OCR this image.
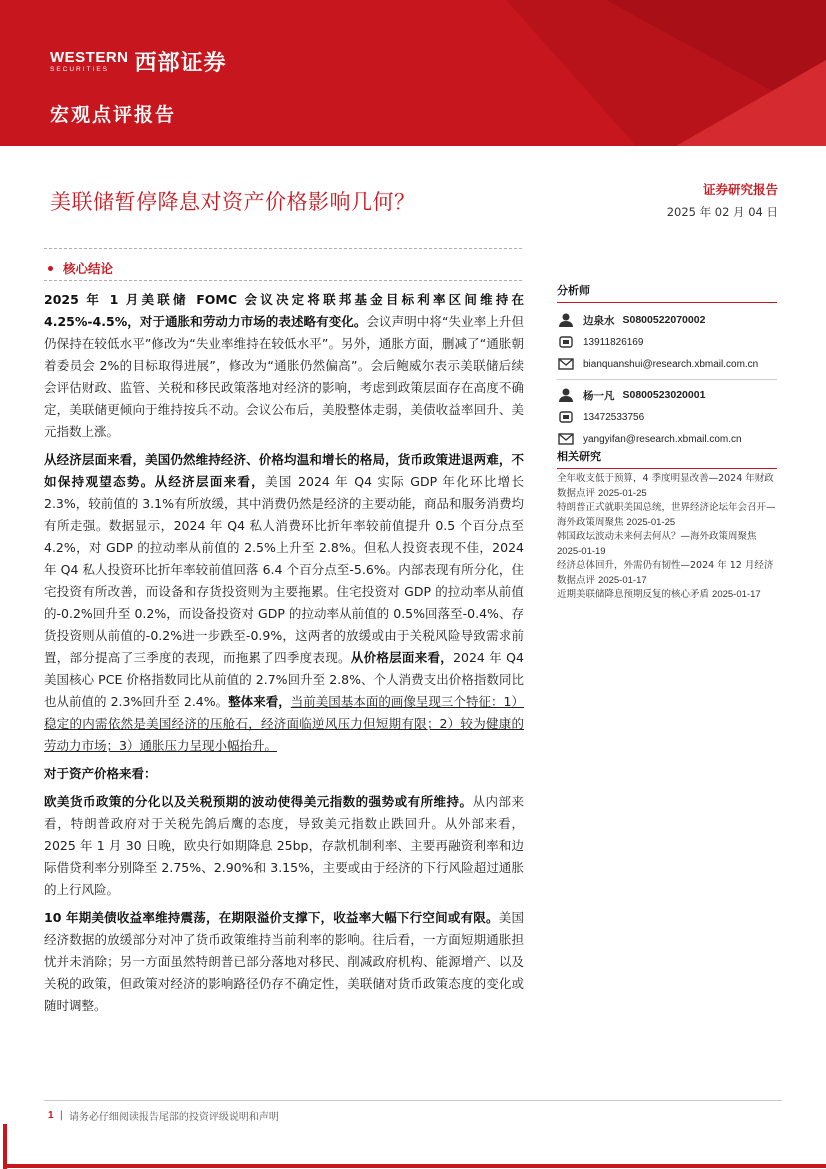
WESTERN
SECURITIES	西部证券
宏观点评报告
美联储暂停降息对资产价格影响几何？
证券研究报告
2025 年 02 月 04 日
核心结论

2025 年 1 月美联储 FOMC 会议决定将联邦基金目标利率区间维持在 4.25%-4.5%，对于通胀和劳动力市场的表述略有变化。会议声明中将“失业率上升但仍保持在较低水平”修改为“失业率维持在较低水平”。另外，通胀方面，删减了“通胀朝着委员会 2%的目标取得进展”，修改为“通胀仍然偏高”。会后鲍威尔表示美联储后续会评估财政、监管、关税和移民政策落地对经济的影响，考虑到政策层面存在高度不确定，美联储更倾向于维持按兵不动。会议公布后，美股整体走弱，美债收益率回升、美元指数上涨。

从经济层面来看，美国仍然维持经济、价格均温和增长的格局，货币政策进退两难，不如保持观望态势。从经济层面来看，美国 2024 年 Q4 实际 GDP 年化环比增长 2.3%，较前值的 3.1%有所放缓，其中消费仍然是经济的主要动能，商品和服务消费均有所走强。数据显示，2024 年 Q4 私人消费环比折年率较前值提升 0.5 个百分点至 4.2%，对 GDP 的拉动率从前值的 2.5%上升至 2.8%。但私人投资表现不佳，2024 年 Q4 私人投资环比折年率较前值回落 6.4 个百分点至-5.6%。内部表现有所分化，住宅投资有所改善，而设备和存货投资则为主要拖累。住宅投资对 GDP 的拉动率从前值的-0.2%回升至 0.2%，而设备投资对 GDP 的拉动率从前值的 0.5%回落至-0.4%、存货投资则从前值的-0.2%进一步跌至-0.9%，这两者的放缓或由于关税风险导致需求前置，部分提高了三季度的表现，而拖累了四季度表现。从价格层面来看，2024 年 Q4 美国核心 PCE 价格指数同比从前值的 2.7%回升至 2.8%、个人消费支出价格指数同比也从前值的 2.3%回升至 2.4%。整体来看，当前美国基本面的画像呈现三个特征：1）稳定的内需依然是美国经济的压舱石，经济面临逆风压力但短期有限；2）较为健康的劳动力市场；3）通胀压力呈现小幅抬升。

对于资产价格来看：

欧美货币政策的分化以及关税预期的波动使得美元指数的强势或有所维持。从内部来看，特朗普政府对于关税先鸽后鹰的态度，导致美元指数止跌回升。从外部来看，2025 年 1 月 30 日晚，欧央行如期降息 25bp，存款机制利率、主要再融资利率和边际借贷利率分别降至 2.75%、2.90%和 3.15%，主要或由于经济的下行风险超过通胀的上行风险。

10 年期美债收益率维持震荡，在期限溢价支撑下，收益率大幅下行空间或有限。美国经济数据的放缓部分对冲了货币政策维持当前利率的影响。往后看，一方面短期通胀担忧并未消除；另一方面虽然特朗普已部分落地对移民、削减政府机构、能源增产、以及关税的政策，但政策对经济的影响路径仍存不确定性，美联储对货币政策态度的变化或随时调整。

分析师
边泉水 S0800522070002
13911826169
bianquanshui@research.xbmail.com.cn
杨一凡 S0800523020001
13472533756
yangyifan@research.xbmail.com.cn
相关研究
全年收支低于预算，4 季度明显改善—2024 年财政数据点评 2025-01-25
特朗普正式就职美国总统，世界经济论坛年会召开—海外政策周聚焦 2025-01-25
韩国政坛波动未来何去何从？—海外政策周聚焦 2025-01-19
经济总体回升，外需仍有韧性—2024 年 12 月经济数据点评 2025-01-17
近期美联储降息预期反复的核心矛盾 2025-01-17
1 | 请务必仔细阅读报告尾部的投资评级说明和声明
